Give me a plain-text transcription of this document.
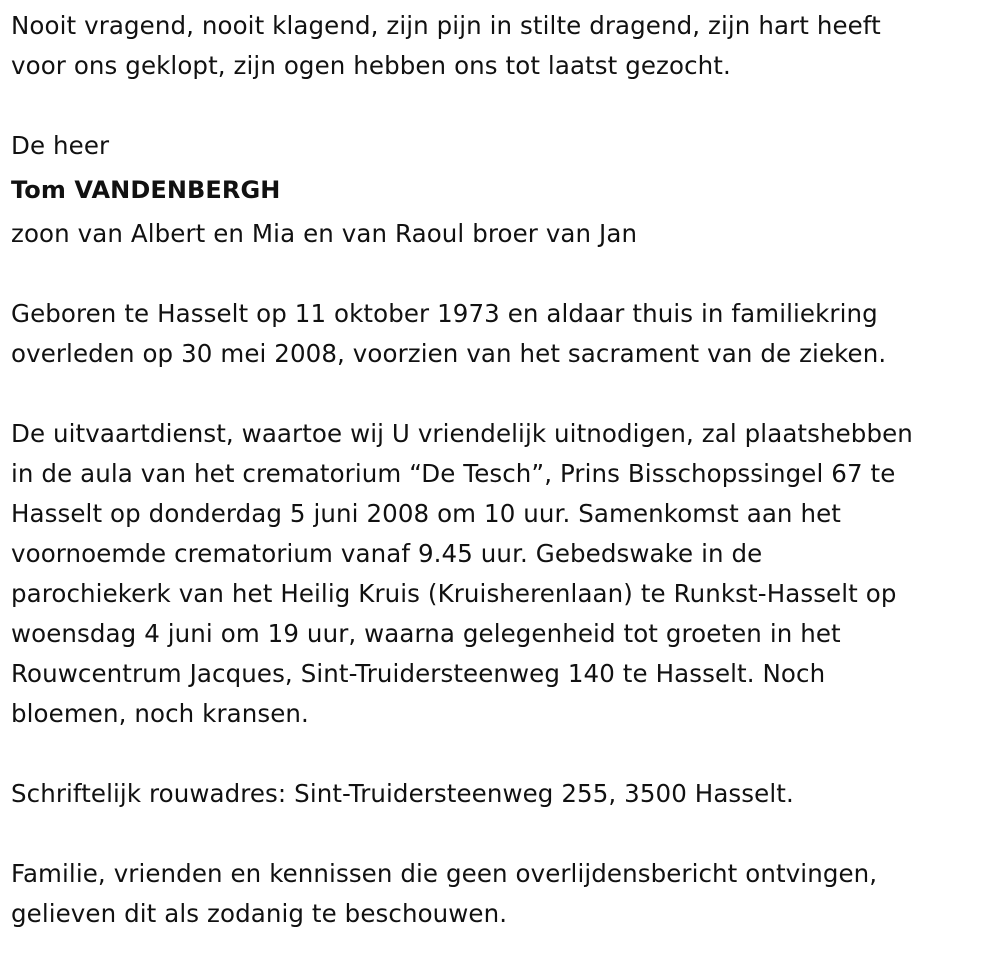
Nooit vragend, nooit klagend, zijn pijn in stilte dragend, zijn hart heeft

voor ons geklopt, zijn ogen hebben ons tot laatst gezocht.

De heer

Tom VANDENBERGH

zoon van Albert en Mia en van Raoul broer van Jan

Geboren te Hasselt op 11 oktober 1973 en aldaar thuis in familiekring

overleden op 30 mei 2008, voorzien van het sacrament van de zieken.

De uitvaartdienst, waartoe wij U vriendelijk uitnodigen, zal plaatshebben

in de aula van het crematorium “De Tesch”, Prins Bisschopssingel 67 te

Hasselt op donderdag 5 juni 2008 om 10 uur. Samenkomst aan het

voornoemde crematorium vanaf 9.45 uur. Gebedswake in de

parochiekerk van het Heilig Kruis (Kruisherenlaan) te Runkst-Hasselt op

woensdag 4 juni om 19 uur, waarna gelegenheid tot groeten in het

Rouwcentrum Jacques, Sint-Truidersteenweg 140 te Hasselt. Noch

bloemen, noch kransen.

Schriftelijk rouwadres: Sint-Truidersteenweg 255, 3500 Hasselt.

Familie, vrienden en kennissen die geen overlijdensbericht ontvingen,

gelieven dit als zodanig te beschouwen.
